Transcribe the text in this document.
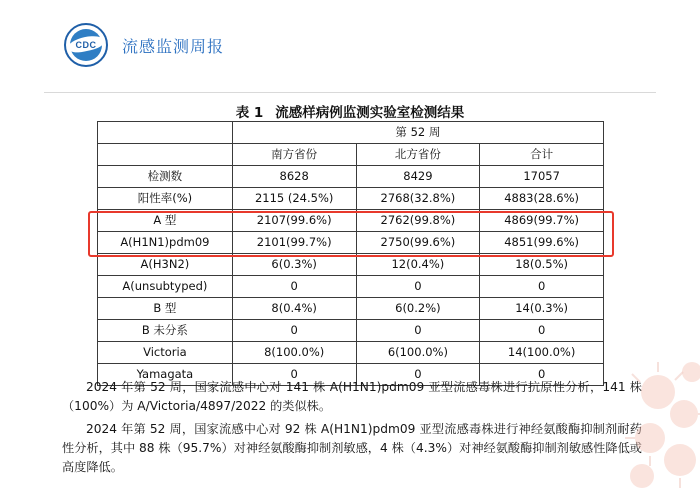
CDC	流感监测周报
表 1 流感样病例监测实验室检测结果
	第 52 周		
	南方省份	北方省份	合计
检测数	8628	8429	17057
阳性率(%)	2115 (24.5%)	2768(32.8%)	4883(28.6%)
A 型	2107(99.6%)	2762(99.8%)	4869(99.7%)
A(H1N1)pdm09	2101(99.7%)	2750(99.6%)	4851(99.6%)
A(H3N2)	6(0.3%)	12(0.4%)	18(0.5%)
A(unsubtyped)	0	0	0
B 型	8(0.4%)	6(0.2%)	14(0.3%)
B 未分系	0	0	0
Victoria	8(100.0%)	6(100.0%)	14(100.0%)
Yamagata	0	0	0

2024 年第 52 周，国家流感中心对 141 株 A(H1N1)pdm09 亚型流感毒株进行抗原性分析，141 株（100%）为 A/Victoria/4897/2022 的类似株。

2024 年第 52 周，国家流感中心对 92 株 A(H1N1)pdm09 亚型流感毒株进行神经氨酸酶抑制剂耐药性分析，其中 88 株（95.7%）对神经氨酸酶抑制剂敏感，4 株（4.3%）对神经氨酸酶抑制剂敏感性降低或高度降低。
